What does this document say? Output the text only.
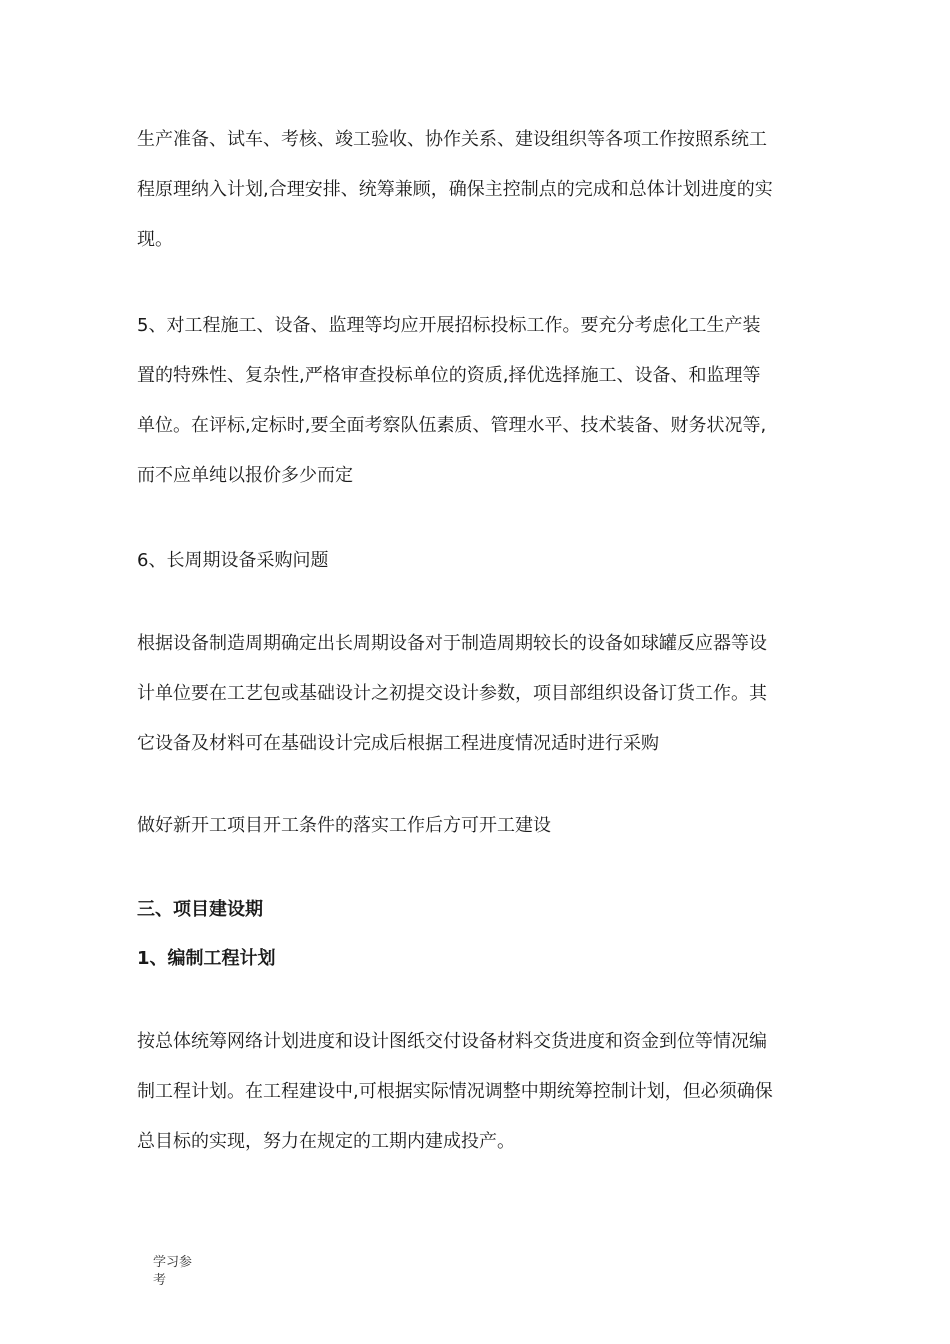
生产准备、试车、考核、竣工验收、协作关系、建设组织等各项工作按照系统工
程原理纳入计划,合理安排、统筹兼顾，确保主控制点的完成和总体计划进度的实
现。
5、对工程施工、设备、监理等均应开展招标投标工作。要充分考虑化工生产装
置的特殊性、复杂性,严格审查投标单位的资质,择优选择施工、设备、和监理等
单位。在评标,定标时,要全面考察队伍素质、管理水平、技术装备、财务状况等,
而不应单纯以报价多少而定
6、长周期设备采购问题
根据设备制造周期确定出长周期设备对于制造周期较长的设备如球罐反应器等设
计单位要在工艺包或基础设计之初提交设计参数，项目部组织设备订货工作。其
它设备及材料可在基础设计完成后根据工程进度情况适时进行采购
做好新开工项目开工条件的落实工作后方可开工建设
三、项目建设期
1、编制工程计划
按总体统筹网络计划进度和设计图纸交付设备材料交货进度和资金到位等情况编
制工程计划。在工程建设中,可根据实际情况调整中期统筹控制计划，但必须确保
总目标的实现，努力在规定的工期内建成投产。
学习参
考
